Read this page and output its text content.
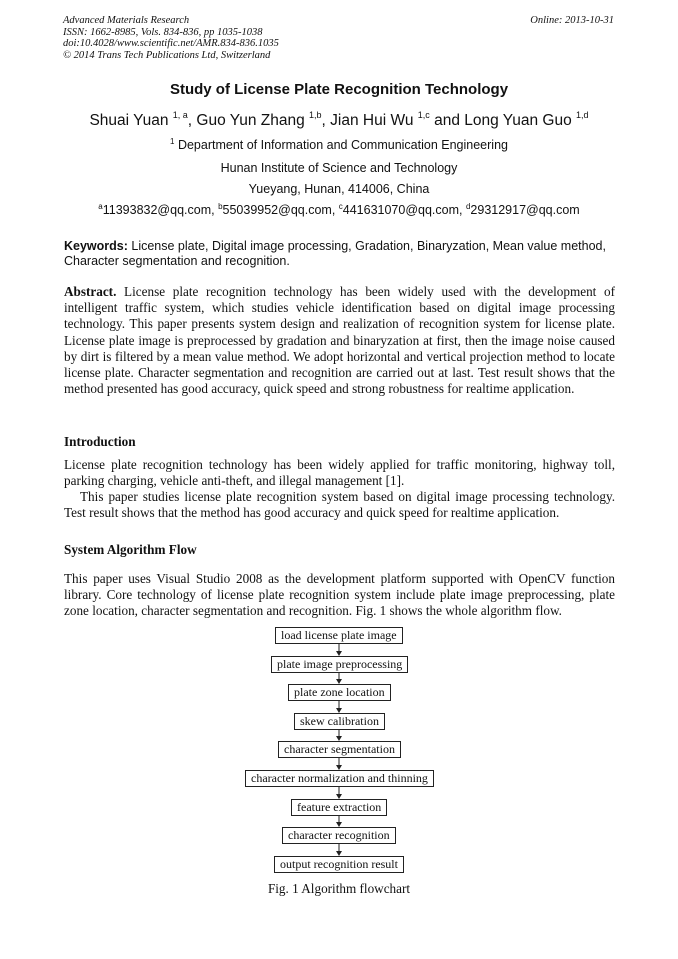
Advanced Materials Research
ISSN: 1662-8985, Vols. 834-836, pp 1035-1038
doi:10.4028/www.scientific.net/AMR.834-836.1035
© 2014 Trans Tech Publications Ltd, Switzerland
Online: 2013-10-31
Study of License Plate Recognition Technology
Shuai Yuan $^{1, a}$, Guo Yun Zhang $^{1,b}$, Jian Hui Wu $^{1,c}$ and Long Yuan Guo $^{1,d}$
$^1$ Department of Information and Communication Engineering
Hunan Institute of Science and Technology
Yueyang, Hunan, 414006, China
$^a$11393832@qq.com, $^b$55039952@qq.com, $^c$441631070@qq.com, $^d$29312917@qq.com
Keywords: License plate, Digital image processing, Gradation, Binaryzation, Mean value method, Character segmentation and recognition.

Abstract. License plate recognition technology has been widely used with the development of intelligent traffic system, which studies vehicle identification based on digital image processing technology. This paper presents system design and realization of recognition system for license plate. License plate image is preprocessed by gradation and binaryzation at first, then the image noise caused by dirt is filtered by a mean value method. We adopt horizontal and vertical projection method to locate license plate. Character segmentation and recognition are carried out at last. Test result shows that the method presented has good accuracy, quick speed and strong robustness for realtime application.

Introduction

License plate recognition technology has been widely applied for traffic monitoring, highway toll, parking charging, vehicle anti-theft, and illegal management [1].

This paper studies license plate recognition system based on digital image processing technology. Test result shows that the method has good accuracy and quick speed for realtime application.

System Algorithm Flow

This paper uses Visual Studio 2008 as the development platform supported with OpenCV function library. Core technology of license plate recognition system include plate image preprocessing, plate zone location, character segmentation and recognition. Fig. 1 shows the whole algorithm flow.

load license plate image
plate image preprocessing
plate zone location
skew calibration
character segmentation
character normalization and thinning
feature extraction
character recognition
output recognition result
Fig. 1 Algorithm flowchart
